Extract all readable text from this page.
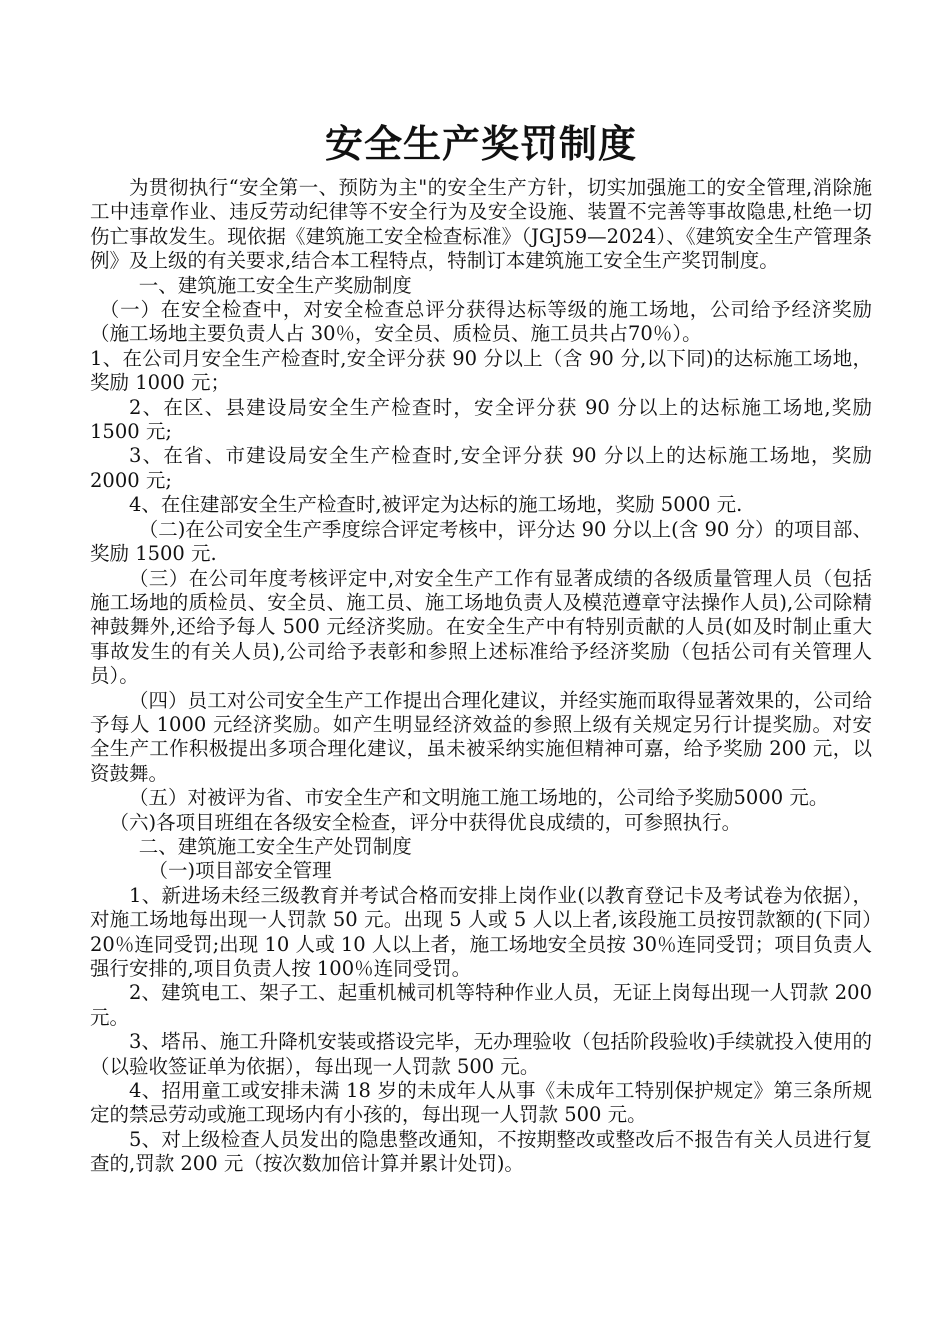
安全生产奖罚制度

为贯彻执行“安全第一、预防为主"的安全生产方针，切实加强施工的安全管理,消除施工中违章作业、违反劳动纪律等不安全行为及安全设施、装置不完善等事故隐患,杜绝一切伤亡事故发生。现依据《建筑施工安全检查标准》（JGJ59—2024）、《建筑安全生产管理条例》及上级的有关要求,结合本工程特点，特制订本建筑施工安全生产奖罚制度。

一、建筑施工安全生产奖励制度

（一）在安全检查中，对安全检查总评分获得达标等级的施工场地，公司给予经济奖励（施工场地主要负责人占 30％，安全员、质检员、施工员共占70％）。

1、在公司月安全生产检查时,安全评分获 90 分以上（含 90 分,以下同)的达标施工场地，奖励 1000 元；

2、在区、县建设局安全生产检查时，安全评分获 90 分以上的达标施工场地,奖励 1500 元;

3、在省、市建设局安全生产检查时,安全评分获 90 分以上的达标施工场地，奖励 2000 元;

4、在住建部安全生产检查时,被评定为达标的施工场地，奖励 5000 元.

（二)在公司安全生产季度综合评定考核中，评分达 90 分以上(含 90 分）的项目部、奖励 1500 元.

（三）在公司年度考核评定中,对安全生产工作有显著成绩的各级质量管理人员（包括施工场地的质检员、安全员、施工员、施工场地负责人及模范遵章守法操作人员),公司除精神鼓舞外,还给予每人 500 元经济奖励。在安全生产中有特别贡献的人员(如及时制止重大事故发生的有关人员),公司给予表彰和参照上述标准给予经济奖励（包括公司有关管理人员）。

（四）员工对公司安全生产工作提出合理化建议，并经实施而取得显著效果的，公司给予每人 1000 元经济奖励。如产生明显经济效益的参照上级有关规定另行计提奖励。对安全生产工作积极提出多项合理化建议，虽未被采纳实施但精神可嘉，给予奖励 200 元，以资鼓舞。

（五）对被评为省、市安全生产和文明施工施工场地的，公司给予奖励5000 元。

（六)各项目班组在各级安全检查，评分中获得优良成绩的，可参照执行。

二、建筑施工安全生产处罚制度

（一)项目部安全管理

1、新进场未经三级教育并考试合格而安排上岗作业(以教育登记卡及考试卷为依据），对施工场地每出现一人罚款 50 元。出现 5 人或 5 人以上者,该段施工员按罚款额的(下同）20％连同受罚;出现 10 人或 10 人以上者，施工场地安全员按 30％连同受罚；项目负责人强行安排的,项目负责人按 100％连同受罚。

2、建筑电工、架子工、起重机械司机等特种作业人员，无证上岗每出现一人罚款 200 元。

3、塔吊、施工升降机安装或搭设完毕，无办理验收（包括阶段验收)手续就投入使用的（以验收签证单为依据），每出现一人罚款 500 元。

4、招用童工或安排未满 18 岁的未成年人从事《未成年工特别保护规定》第三条所规定的禁忌劳动或施工现场内有小孩的，每出现一人罚款 500 元。

5、对上级检查人员发出的隐患整改通知，不按期整改或整改后不报告有关人员进行复查的,罚款 200 元（按次数加倍计算并累计处罚)。
